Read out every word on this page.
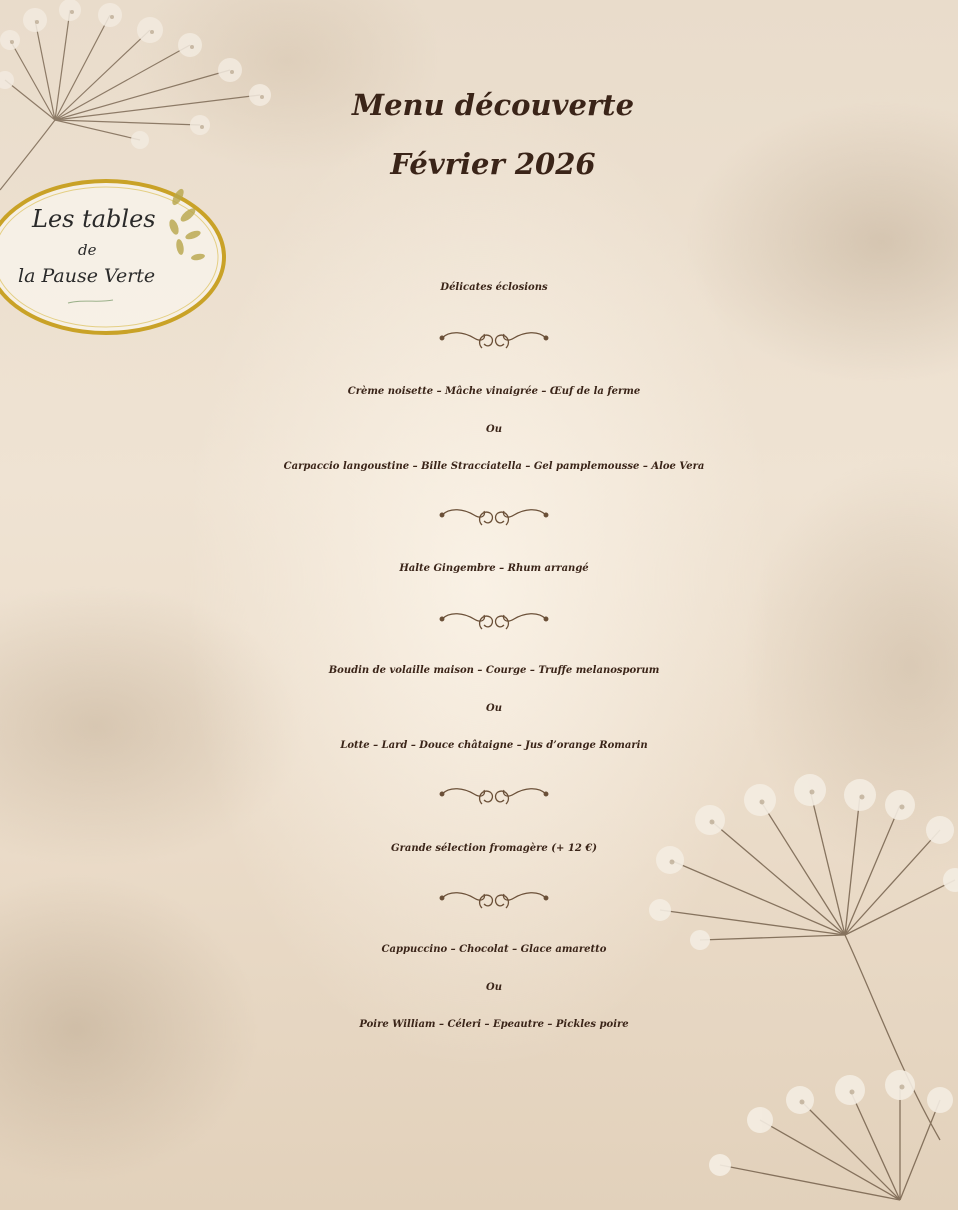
Les tables
de
la Pause Verte
Menu découverte
Février 2026
Délicates éclosions
Crème noisette – Mâche vinaigrée – Œuf de la ferme
Ou
Carpaccio langoustine – Bille Stracciatella – Gel pamplemousse – Aloe Vera
Halte Gingembre – Rhum arrangé
Boudin de volaille maison – Courge – Truffe melanosporum
Ou
Lotte – Lard – Douce châtaigne – Jus d’orange Romarin
Grande sélection fromagère (+ 12 €)
Cappuccino – Chocolat – Glace amaretto
Ou
Poire William – Céleri – Epeautre – Pickles poire
